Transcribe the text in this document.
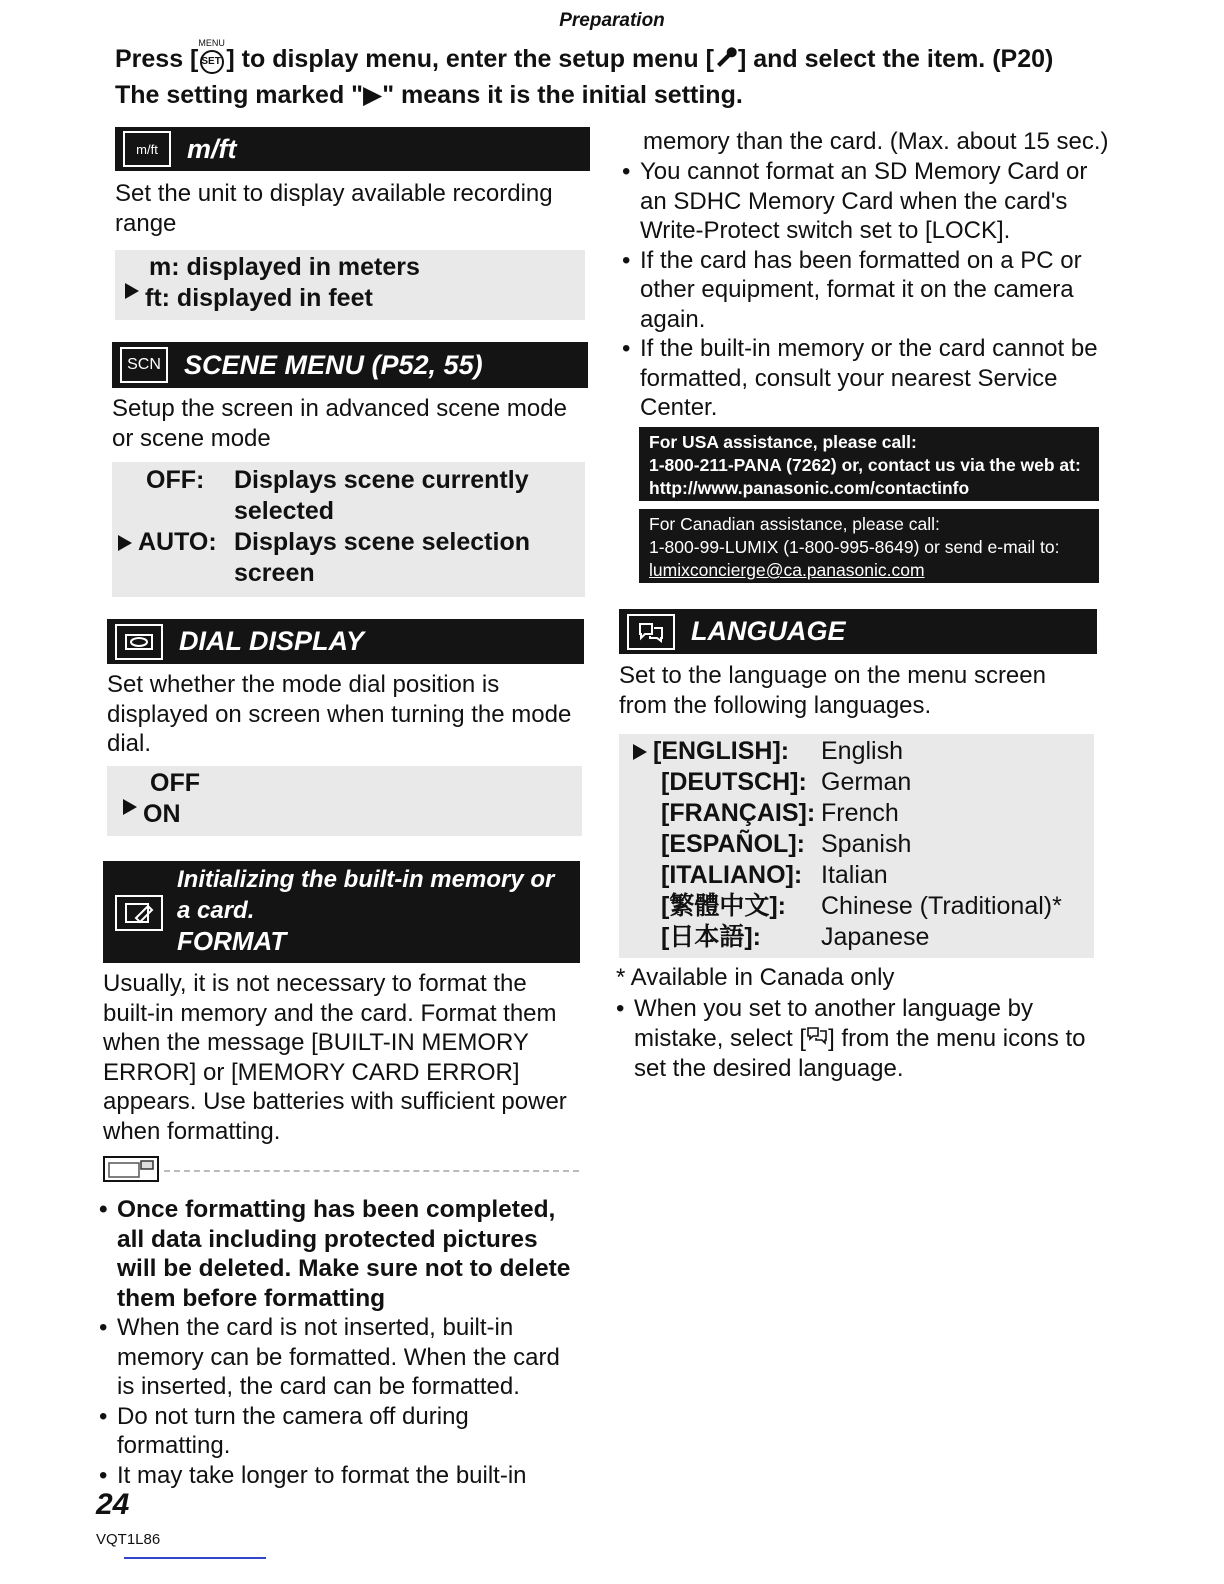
Preparation
Press [ SET
MENU
] to display menu, enter the setup menu [ ] and select the item. (P20)
The setting marked "▶" means it is the initial setting.
m/ft	m/ft
Set the unit to display available recording range
m: displayed in meters
ft: displayed in feet
SCN SCENE MENU (P52, 55)
Setup the screen in advanced scene mode or scene mode
OFF:	Displays scene currently selected
AUTO: Displays scene selection screen
DIAL DISPLAY
Set whether the mode dial position is displayed on screen when turning the mode dial.
OFF
ON
Initializing the built-in memory or
a card.
FORMAT
Usually, it is not necessary to format the built-in memory and the card. Format them when the message [BUILT-IN MEMORY ERROR] or [MEMORY CARD ERROR] appears. Use batteries with sufficient power when formatting.
• Once formatting has been completed, all data including protected pictures will be deleted. Make sure not to delete them before formatting
• When the card is not inserted, built-in memory can be formatted. When the card is inserted, the card can be formatted.
• Do not turn the camera off during formatting.
• It may take longer to format the built-in
24
VQT1L86
memory than the card. (Max. about 15 sec.)
• You cannot format an SD Memory Card or an SDHC Memory Card when the card's Write-Protect switch set to [LOCK].
• If the card has been formatted on a PC or other equipment, format it on the camera again.
• If the built-in memory or the card cannot be formatted, consult your nearest Service Center.
For USA assistance, please call:
1-800-211-PANA (7262) or, contact us via the web at:
http://www.panasonic.com/contactinfo
For Canadian assistance, please call:
1-800-99-LUMIX (1-800-995-8649) or send e-mail to:
lumixconcierge@ca.panasonic.com
LANGUAGE
Set to the language on the menu screen from the following languages.
[ENGLISH]:	English
[DEUTSCH]: German
[FRANÇAIS]: French
[ESPAÑOL]: Spanish
[ITALIANO]: Italian
[繁體中文]:	Chinese (Traditional)*
[日本語]:	Japanese
* Available in Canada only
• When you set to another language by mistake, select [ ] from the menu icons to set the desired language.
